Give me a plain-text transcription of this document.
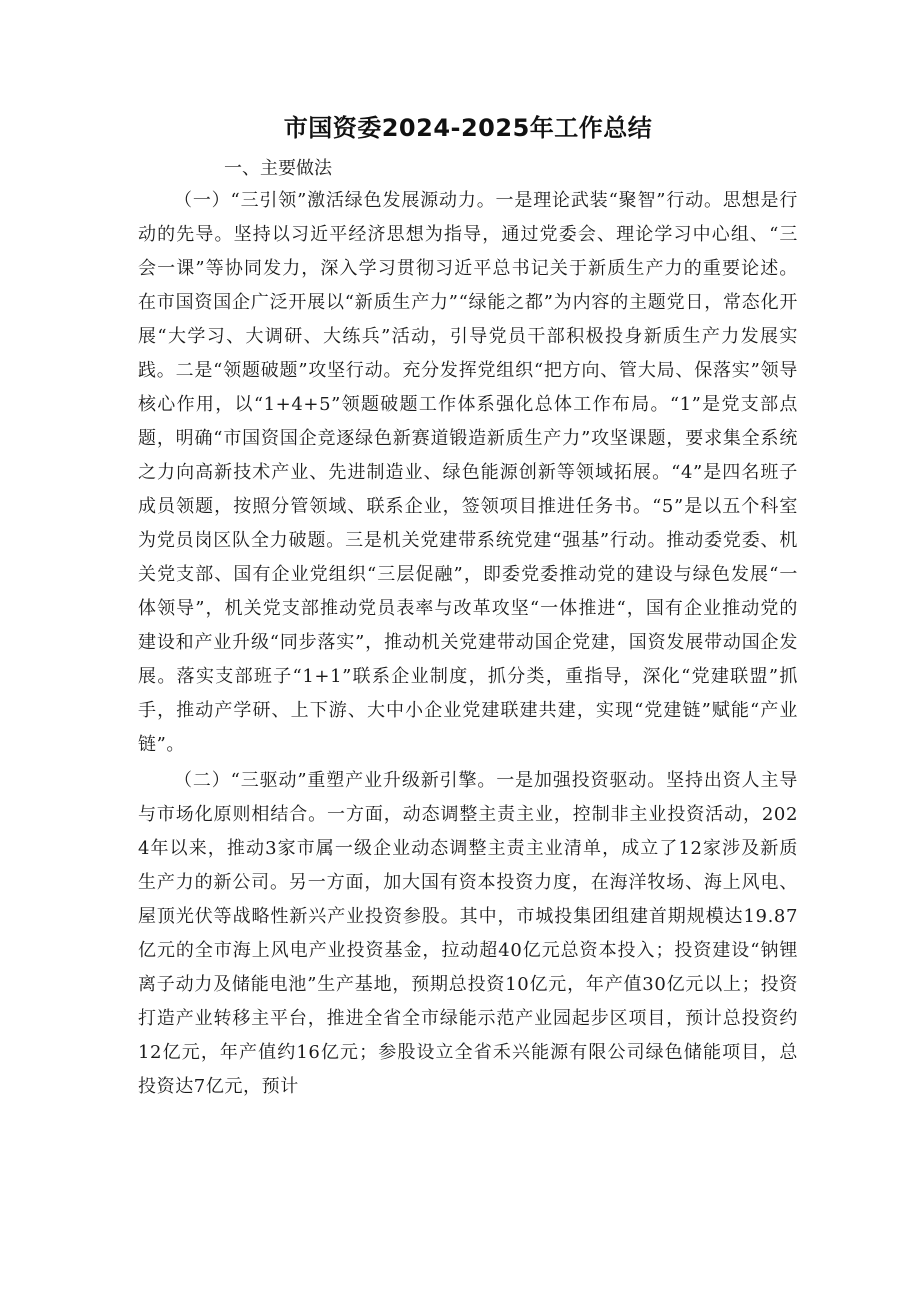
市国资委2024-2025年工作总结

一、主要做法

（一）“三引领”激活绿色发展源动力。一是理论武装“聚智”行动。思想是行动的先导。坚持以习近平经济思想为指导，通过党委会、理论学习中心组、“三会一课”等协同发力，深入学习贯彻习近平总书记关于新质生产力的重要论述。在市国资国企广泛开展以“新质生产力”“绿能之都”为内容的主题党日，常态化开展“大学习、大调研、大练兵”活动，引导党员干部积极投身新质生产力发展实践。二是“领题破题”攻坚行动。充分发挥党组织“把方向、管大局、保落实”领导核心作用，以“1+4+5”领题破题工作体系强化总体工作布局。“1”是党支部点题，明确“市国资国企竞逐绿色新赛道锻造新质生产力”攻坚课题，要求集全系统之力向高新技术产业、先进制造业、绿色能源创新等领域拓展。“4”是四名班子成员领题，按照分管领域、联系企业，签领项目推进任务书。“5”是以五个科室为党员岗区队全力破题。三是机关党建带系统党建“强基”行动。推动委党委、机关党支部、国有企业党组织“三层促融”，即委党委推动党的建设与绿色发展“一体领导”，机关党支部推动党员表率与改革攻坚“一体推进“，国有企业推动党的建设和产业升级“同步落实”，推动机关党建带动国企党建，国资发展带动国企发展。落实支部班子“1+1”联系企业制度，抓分类，重指导，深化“党建联盟”抓手，推动产学研、上下游、大中小企业党建联建共建，实现“党建链”赋能“产业链”。

（二）“三驱动”重塑产业升级新引擎。一是加强投资驱动。坚持出资人主导与市场化原则相结合。一方面，动态调整主责主业，控制非主业投资活动，2024年以来，推动3家市属一级企业动态调整主责主业清单，成立了12家涉及新质生产力的新公司。另一方面，加大国有资本投资力度，在海洋牧场、海上风电、屋顶光伏等战略性新兴产业投资参股。其中，市城投集团组建首期规模达19.87亿元的全市海上风电产业投资基金，拉动超40亿元总资本投入；投资建设“钠锂离子动力及储能电池”生产基地，预期总投资10亿元，年产值30亿元以上；投资打造产业转移主平台，推进全省全市绿能示范产业园起步区项目，预计总投资约12亿元，年产值约16亿元；参股设立全省禾兴能源有限公司绿色储能项目，总投资达7亿元，预计
